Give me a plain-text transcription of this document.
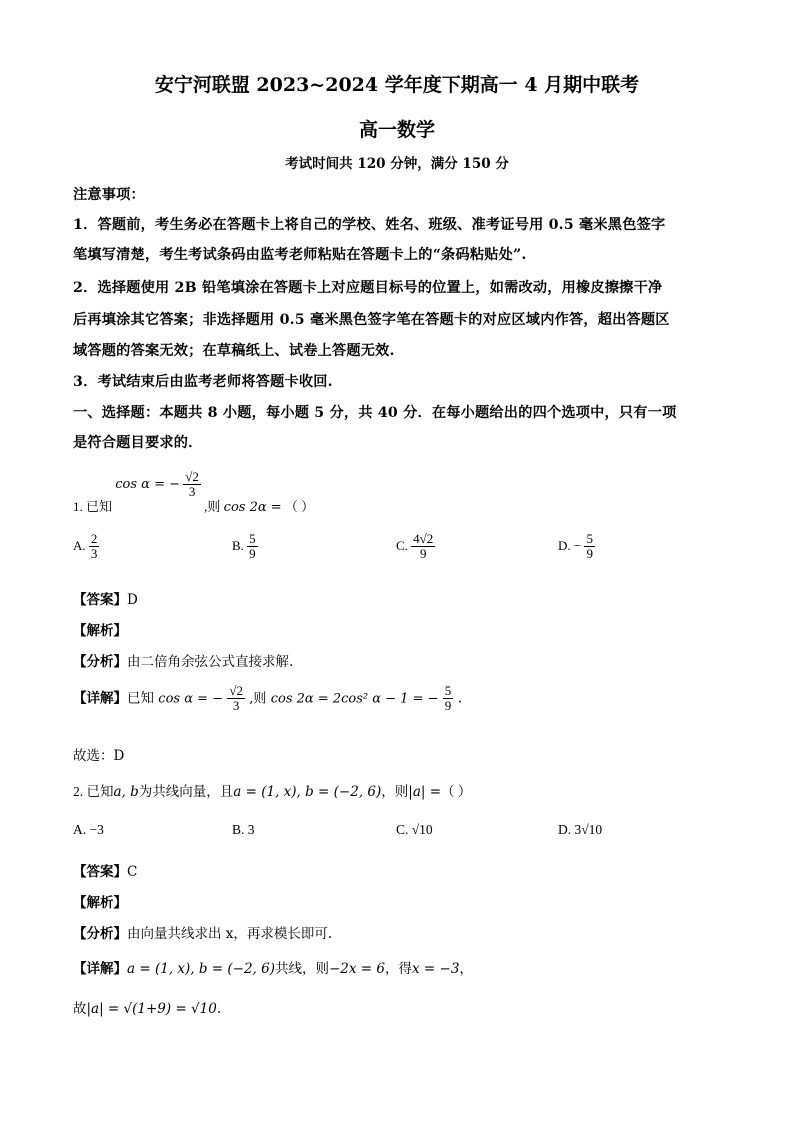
安宁河联盟 2023~2024 学年度下期高一 4 月期中联考
高一数学
考试时间共 120 分钟，满分 150 分
注意事项：
1．答题前，考生务必在答题卡上将自己的学校、姓名、班级、准考证号用 0.5 毫米黑色签字
笔填写清楚，考生考试条码由监考老师粘贴在答题卡上的“条码粘贴处”.
2．选择题使用 2B 铅笔填涂在答题卡上对应题目标号的位置上，如需改动，用橡皮擦擦干净
后再填涂其它答案；非选择题用 0.5 毫米黑色签字笔在答题卡的对应区域内作答，超出答题区
域答题的答案无效；在草稿纸上、试卷上答题无效.
3．考试结束后由监考老师将答题卡收回.
一、选择题：本题共 8 小题，每小题 5 分，共 40 分．在每小题给出的四个选项中，只有一项
是符合题目要求的．
1. 已知 cos α = − $\frac{√2}{3}$
,则 cos 2α = （ ）
A. $\frac{2}{3}$	B. $\frac{5}{9}$	C. $\frac{4√2}{9}$	D. − $\frac{5}{9}$
【答案】D
【解析】
【分析】由二倍角余弦公式直接求解.
【详解】已知 cos α = − $\frac{√2}{3}$ ,则 cos 2α = 2cos² α − 1 = − $\frac{5}{9}$ .
故选：D
2. 已知a, b为共线向量，且a = (1, x), b = (−2, 6)，则|a| =（ ）
A. −3	B. 3	C. √10	D. 3√10
【答案】C
【解析】
【分析】由向量共线求出 x，再求模长即可.
【详解】a = (1, x), b = (−2, 6)共线，则−2x = 6，得x = −3，
故|a| = √(1+9) = √10.
